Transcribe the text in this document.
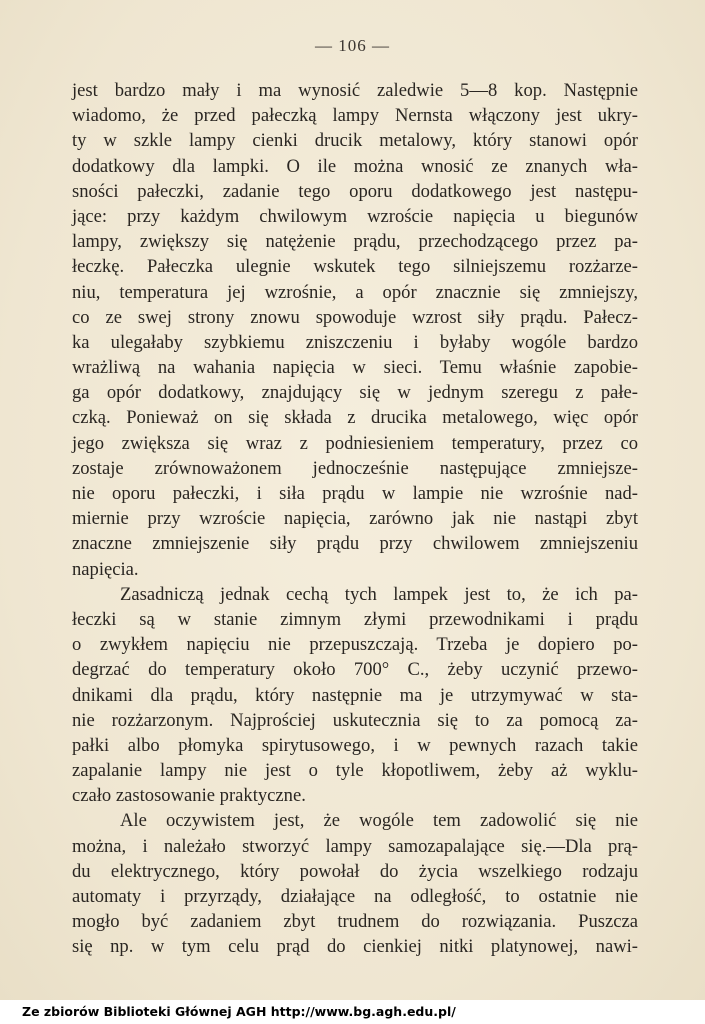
— 106 —
jest bardzo mały i ma wynosić zaledwie 5—8 kop. Następnie
wiadomo, że przed pałeczką lampy Nernsta włączony jest ukry-
ty w szkle lampy cienki drucik metalowy, który stanowi opór
dodatkowy dla lampki. O ile można wnosić ze znanych wła-
sności pałeczki, zadanie tego oporu dodatkowego jest następu-
jące: przy każdym chwilowym wzroście napięcia u biegunów
lampy, zwiększy się natężenie prądu, przechodzącego przez pa-
łeczkę. Pałeczka ulegnie wskutek tego silniejszemu rozżarze-
niu, temperatura jej wzrośnie, a opór znacznie się zmniejszy,
co ze swej strony znowu spowoduje wzrost siły prądu. Pałecz-
ka ulegałaby szybkiemu zniszczeniu i byłaby wogóle bardzo
wrażliwą na wahania napięcia w sieci. Temu właśnie zapobie-
ga opór dodatkowy, znajdujący się w jednym szeregu z pałe-
czką. Ponieważ on się składa z drucika metalowego, więc opór
jego zwiększa się wraz z podniesieniem temperatury, przez co
zostaje zrównoważonem jednocześnie następujące zmniejsze-
nie oporu pałeczki, i siła prądu w lampie nie wzrośnie nad-
miernie przy wzroście napięcia, zarówno jak nie nastąpi zbyt
znaczne zmniejszenie siły prądu przy chwilowem zmniejszeniu
napięcia.
Zasadniczą jednak cechą tych lampek jest to, że ich pa-
łeczki są w stanie zimnym złymi przewodnikami i prądu
o zwykłem napięciu nie przepuszczają. Trzeba je dopiero po-
degrzać do temperatury około 700° C., żeby uczynić przewo-
dnikami dla prądu, który następnie ma je utrzymywać w sta-
nie rozżarzonym. Najprościej uskutecznia się to za pomocą za-
pałki albo płomyka spirytusowego, i w pewnych razach takie
zapalanie lampy nie jest o tyle kłopotliwem, żeby aż wyklu-
czało zastosowanie praktyczne.
Ale oczywistem jest, że wogóle tem zadowolić się nie
można, i należało stworzyć lampy samozapalające się.—Dla prą-
du elektrycznego, który powołał do życia wszelkiego rodzaju
automaty i przyrządy, działające na odległość, to ostatnie nie
mogło być zadaniem zbyt trudnem do rozwiązania. Puszcza
się np. w tym celu prąd do cienkiej nitki platynowej, nawi-
Ze zbiorów Biblioteki Głównej AGH http://www.bg.agh.edu.pl/
